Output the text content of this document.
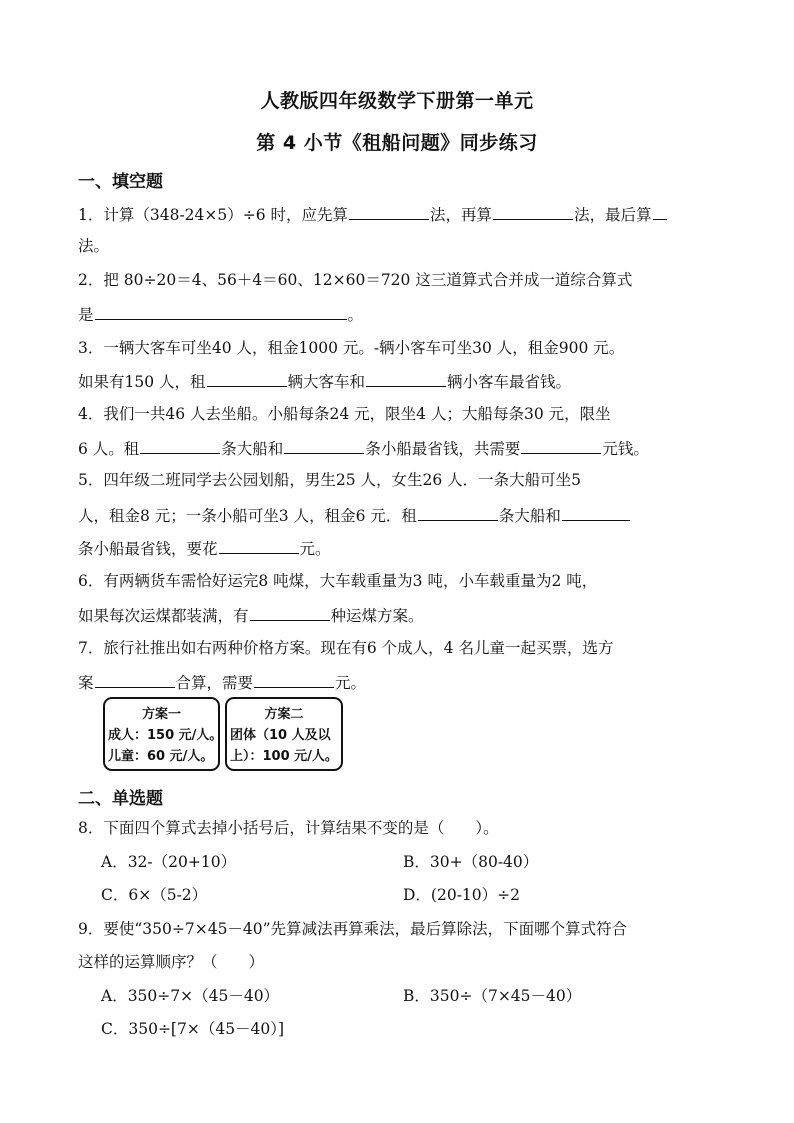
人教版四年级数学下册第一单元
第 4 小节《租船问题》同步练习
一、填空题
1．计算（348-24×5）÷6 时，应先算	法，再算	法，最后算
法。
2．把 80÷20＝4、56＋4＝60、12×60＝720 这三道算式合并成一道综合算式
是	。
3．一辆大客车可坐40 人，租金1000 元。-辆小客车可坐30 人，租金900 元。
如果有150 人，租	辆大客车和	辆小客车最省钱。
4．我们一共46 人去坐船。小船每条24 元，限坐4 人；大船每条30 元，限坐
6 人。租	条大船和	条小船最省钱，共需要	元钱。
5．四年级二班同学去公园划船，男生25 人，女生26 人．一条大船可坐5
人，租金8 元；一条小船可坐3 人，租金6 元．租	条大船和
条小船最省钱，要花	元。
6．有两辆货车需恰好运完8 吨煤，大车载重量为3 吨，小车载重量为2 吨，
如果每次运煤都装满，有	种运煤方案。
7．旅行社推出如右两种价格方案。现在有6 个成人，4 名儿童一起买票，选方
案	合算，需要	元。
方案一
成人：150 元/人。
儿童：60 元/人。
方案二
团体（10 人及以
上）：100 元/人。
二、单选题
8．下面四个算式去掉小括号后，计算结果不变的是（　　）。
A．32-（20+10）	B．30+（80-40）
C．6×（5-2）	D．(20-10）÷2
9．要使“350÷7×45－40”先算减法再算乘法，最后算除法，下面哪个算式符合
这样的运算顺序？（　　）
A．350÷7×（45－40）	B．350÷（7×45－40）
C．350÷[7×（45－40）]
